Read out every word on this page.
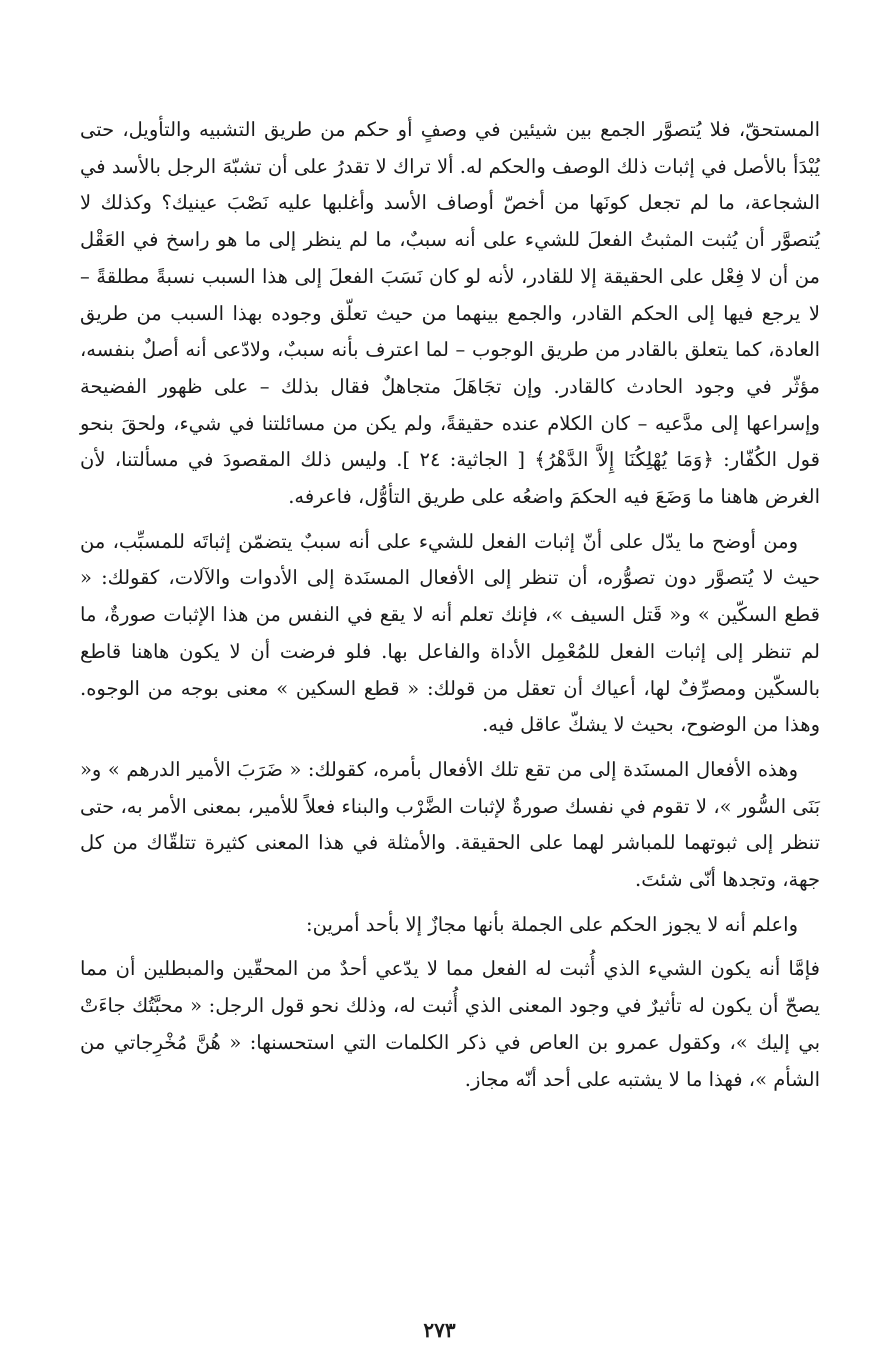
المستحقّ، فلا يُتصوَّر الجمع بين شيئين في وصفٍ أو حكم من طريق التشبيه والتأويل، حتى يُبْدَأ بالأصل في إثبات ذلك الوصف والحكم له. ألا تراك لا تقدرُ على أن تشبّهَ الرجل بالأسد في الشجاعة، ما لم تجعل كونَها من أخصّ أوصاف الأسد وأغلبها عليه نَصْبَ عينيك؟ وكذلك لا يُتصوَّر أن يُثبت المثبتُ الفعلَ للشيء على أنه سببٌ، ما لم ينظر إلى ما هو راسخ في العَقْل من أن لا فِعْل على الحقيقة إلا للقادر، لأنه لو كان نَسَبَ الفعلَ إلى هذا السبب نسبةً مطلقةً – لا يرجع فيها إلى الحكم القادر، والجمع بينهما من حيث تعلّق وجوده بهذا السبب من طريق العادة، كما يتعلق بالقادر من طريق الوجوب – لما اعترف بأنه سببٌ، ولادّعى أنه أصلٌ بنفسه، مؤثّر في وجود الحادث كالقادر. وإن تجَاهَلَ متجاهلٌ فقال بذلك – على ظهور الفضيحة وإسراعها إلى مدَّعيه – كان الكلام عنده حقيقةً، ولم يكن من مسائلتنا في شيء، ولحقَ بنحو قول الكُفّار: ﴿وَمَا يُهْلِكُنَا إِلاَّ الدَّهْرُ﴾ [ الجاثية: ٢٤ ]. وليس ذلك المقصودَ في مسألتنا، لأن الغرض هاهنا ما وَضَعَ فيه الحكمَ واضعُه على طريق التأوُّل، فاعرفه.

ومن أوضح ما يدّل على أنّ إثبات الفعل للشيء على أنه سببٌ يتضمّن إثباتَه للمسبِّب، من حيث لا يُتصوَّر دون تصوُّره، أن تنظر إلى الأفعال المسنَدة إلى الأدوات والآلات، كقولك: « قطع السكّين » و« قَتل السيف »، فإنك تعلم أنه لا يقع في النفس من هذا الإثبات صورةٌ، ما لم تنظر إلى إثبات الفعل للمُعْمِل الأداة والفاعل بها. فلو فرضت أن لا يكون هاهنا قاطع بالسكّين ومصرِّفٌ لها، أعياك أن تعقل من قولك: « قطع السكين » معنى بوجه من الوجوه. وهذا من الوضوح، بحيث لا يشكّ عاقل فيه.

وهذه الأفعال المسنَدة إلى من تقع تلك الأفعال بأمره، كقولك: « ضَرَبَ الأمير الدرهم » و« بَنَى السُّور »، لا تقوم في نفسك صورةٌ لإثبات الضَّرْب والبناء فعلاً للأمير، بمعنى الأمر به، حتى تنظر إلى ثبوتهما للمباشر لهما على الحقيقة. والأمثلة في هذا المعنى كثيرة تتلقّاك من كل جهة، وتجدها أنّى شئتَ.

واعلم أنه لا يجوز الحكم على الجملة بأنها مجازٌ إلا بأحد أمرين:

فإمَّا أنه يكون الشيء الذي أُثبت له الفعل مما لا يدّعي أحدٌ من المحقّين والمبطلين أن مما يصحّ أن يكون له تأثيرٌ في وجود المعنى الذي أُثبت له، وذلك نحو قول الرجل: « محبَّتُك جاءَتْ بي إليك »، وكقول عمرو بن العاص في ذكر الكلمات التي استحسنها: « هُنَّ مُخْرِجاتي من الشأم »، فهذا ما لا يشتبه على أحد أنّه مجاز.

٢٧٣
